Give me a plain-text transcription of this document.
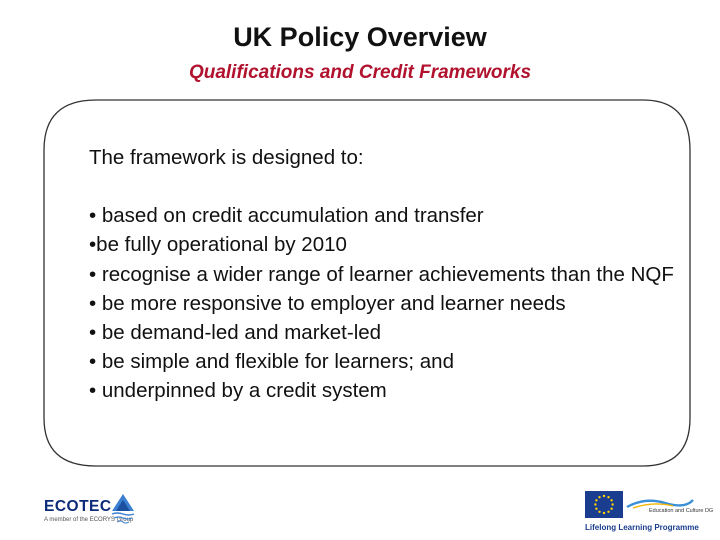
UK Policy Overview
Qualifications and Credit Frameworks
The framework is designed to:
• based on credit accumulation and transfer
•be fully operational by 2010
• recognise a wider range of learner achievements than the NQF
• be more responsive to employer and learner needs
• be demand-led and market-led
• be simple and flexible for learners; and
• underpinned by a credit system
ECOTEC
A member of the ECORYS Group
Education and Culture DG
Lifelong Learning Programme
